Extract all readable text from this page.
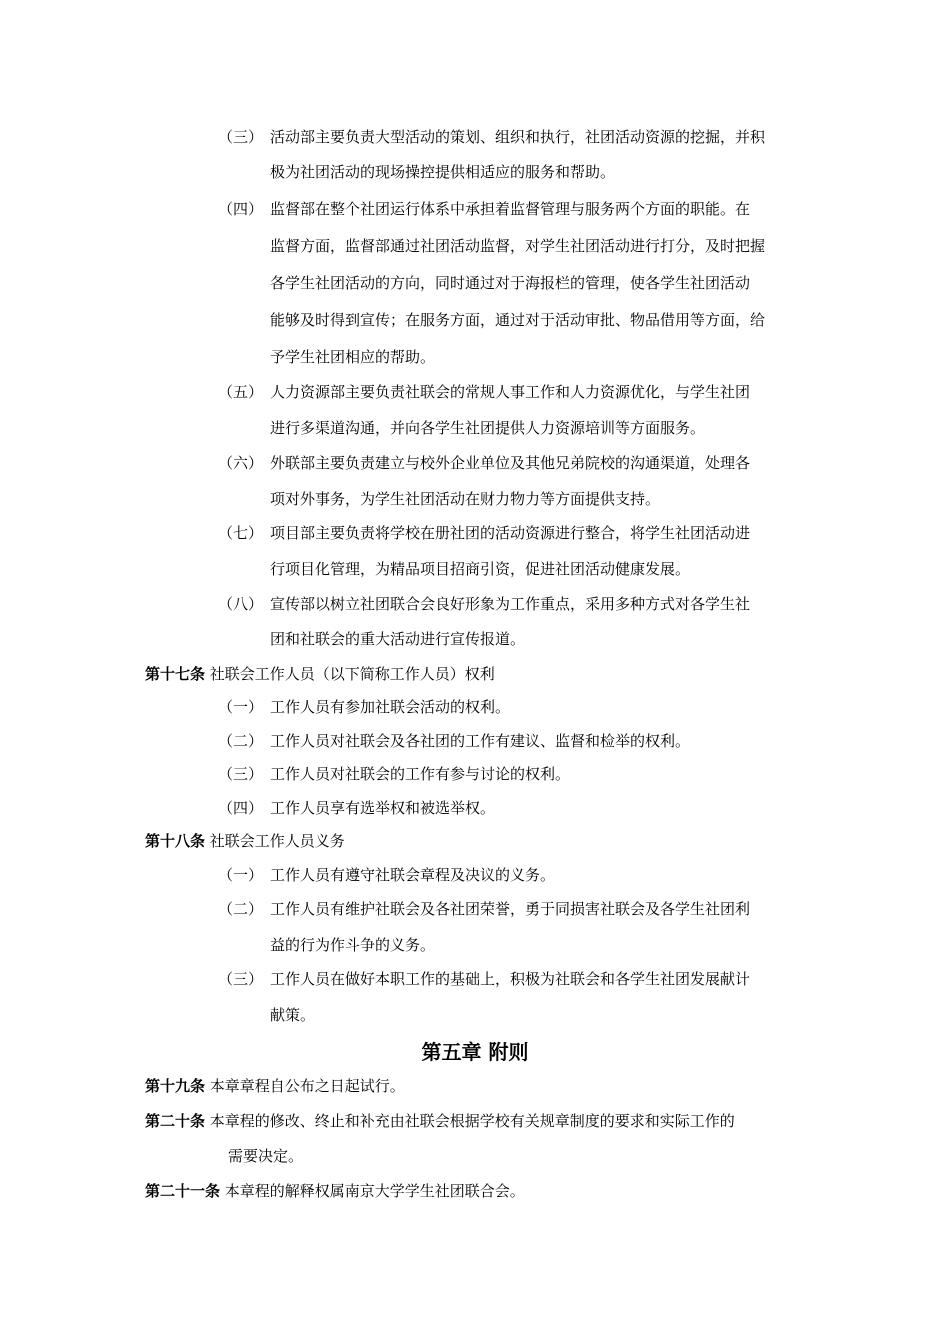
（三） 活动部主要负责大型活动的策划、组织和执行，社团活动资源的挖掘，并积
极为社团活动的现场操控提供相适应的服务和帮助。
（四） 监督部在整个社团运行体系中承担着监督管理与服务两个方面的职能。在
监督方面，监督部通过社团活动监督，对学生社团活动进行打分，及时把握
各学生社团活动的方向，同时通过对于海报栏的管理，使各学生社团活动
能够及时得到宣传；在服务方面，通过对于活动审批、物品借用等方面，给
予学生社团相应的帮助。
（五） 人力资源部主要负责社联会的常规人事工作和人力资源优化，与学生社团
进行多渠道沟通，并向各学生社团提供人力资源培训等方面服务。
（六） 外联部主要负责建立与校外企业单位及其他兄弟院校的沟通渠道，处理各
项对外事务，为学生社团活动在财力物力等方面提供支持。
（七） 项目部主要负责将学校在册社团的活动资源进行整合，将学生社团活动进
行项目化管理，为精品项目招商引资，促进社团活动健康发展。
（八） 宣传部以树立社团联合会良好形象为工作重点，采用多种方式对各学生社
团和社联会的重大活动进行宣传报道。
第十七条 社联会工作人员（以下简称工作人员）权利
（一） 工作人员有参加社联会活动的权利。
（二） 工作人员对社联会及各社团的工作有建议、监督和检举的权利。
（三） 工作人员对社联会的工作有参与讨论的权利。
（四） 工作人员享有选举权和被选举权。
第十八条 社联会工作人员义务
（一） 工作人员有遵守社联会章程及决议的义务。
（二） 工作人员有维护社联会及各社团荣誉，勇于同损害社联会及各学生社团利
益的行为作斗争的义务。
（三） 工作人员在做好本职工作的基础上，积极为社联会和各学生社团发展献计
献策。
第五章 附则
第十九条 本章章程自公布之日起试行。
第二十条 本章程的修改、终止和补充由社联会根据学校有关规章制度的要求和实际工作的
需要决定。
第二十一条 本章程的解释权属南京大学学生社团联合会。
